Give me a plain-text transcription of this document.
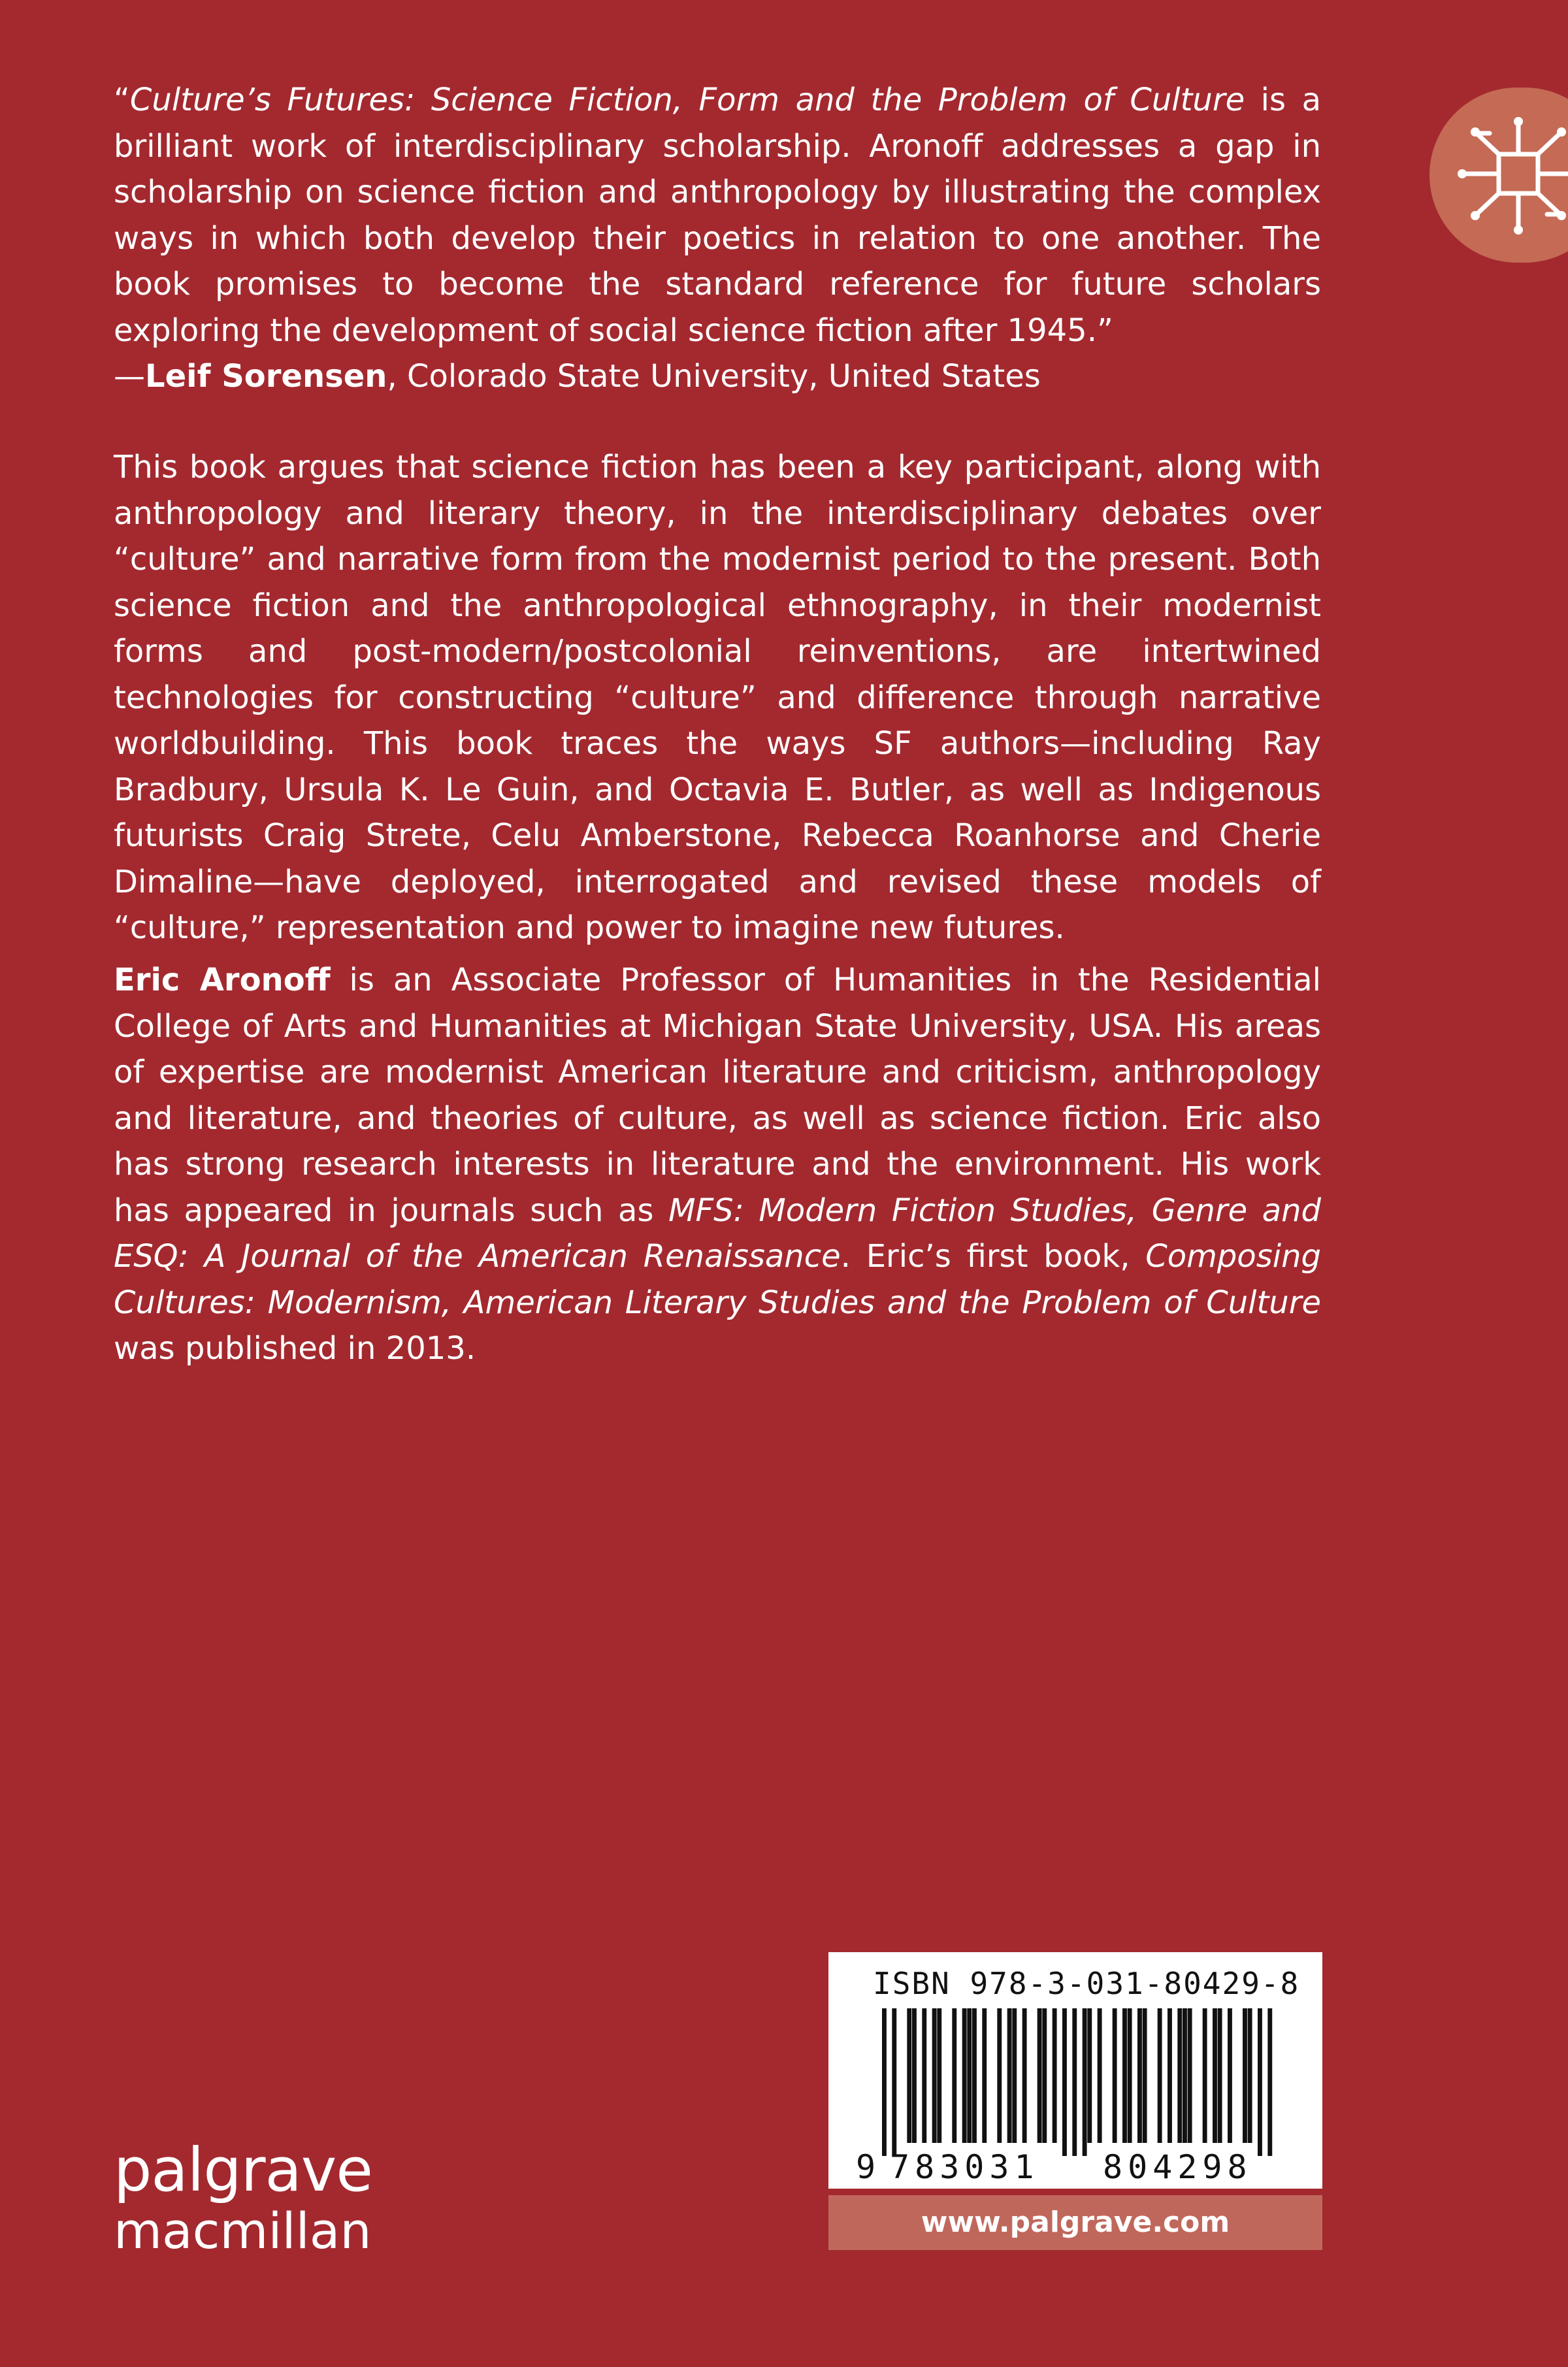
“Culture’s Futures: Science Fiction, Form and the Problem of Culture is a brilliant work of interdisciplinary scholarship. Aronoff addresses a gap in scholarship on science fiction and anthropology by illustrating the complex ways in which both develop their poetics in relation to one another. The book promises to become the standard reference for future scholars exploring the development of social science fiction after 1945.”

—Leif Sorensen, Colorado State University, United States

This book argues that science fiction has been a key participant, along with anthropology and literary theory, in the interdisciplinary debates over “culture” and narrative form from the modernist period to the present. Both science fiction and the anthropological ethnography, in their modernist forms and post-modern/postcolonial reinventions, are intertwined technologies for constructing “culture” and difference through narrative worldbuilding. This book traces the ways SF authors—including Ray Bradbury, Ursula K. Le Guin, and Octavia E. Butler, as well as Indigenous futurists Craig Strete, Celu Amberstone, Rebecca Roanhorse and Cherie Dimaline—have deployed, interrogated and revised these models of “culture,” representation and power to imagine new futures.

Eric Aronoff is an Associate Professor of Humanities in the Residential College of Arts and Humanities at Michigan State University, USA. His areas of expertise are modernist American literature and criticism, anthropology and literature, and theories of culture, as well as science fiction. Eric also has strong research interests in literature and the environment. His work has appeared in journals such as MFS: Modern Fiction Studies, Genre and ESQ: A Journal of the American Renaissance. Eric’s first book, Composing Cultures: Modernism, American Literary Studies and the Problem of Culture was published in 2013.

palgrave
macmillan
9 783031 804298
ISBN 978-3-031-80429-8
www.palgrave.com
